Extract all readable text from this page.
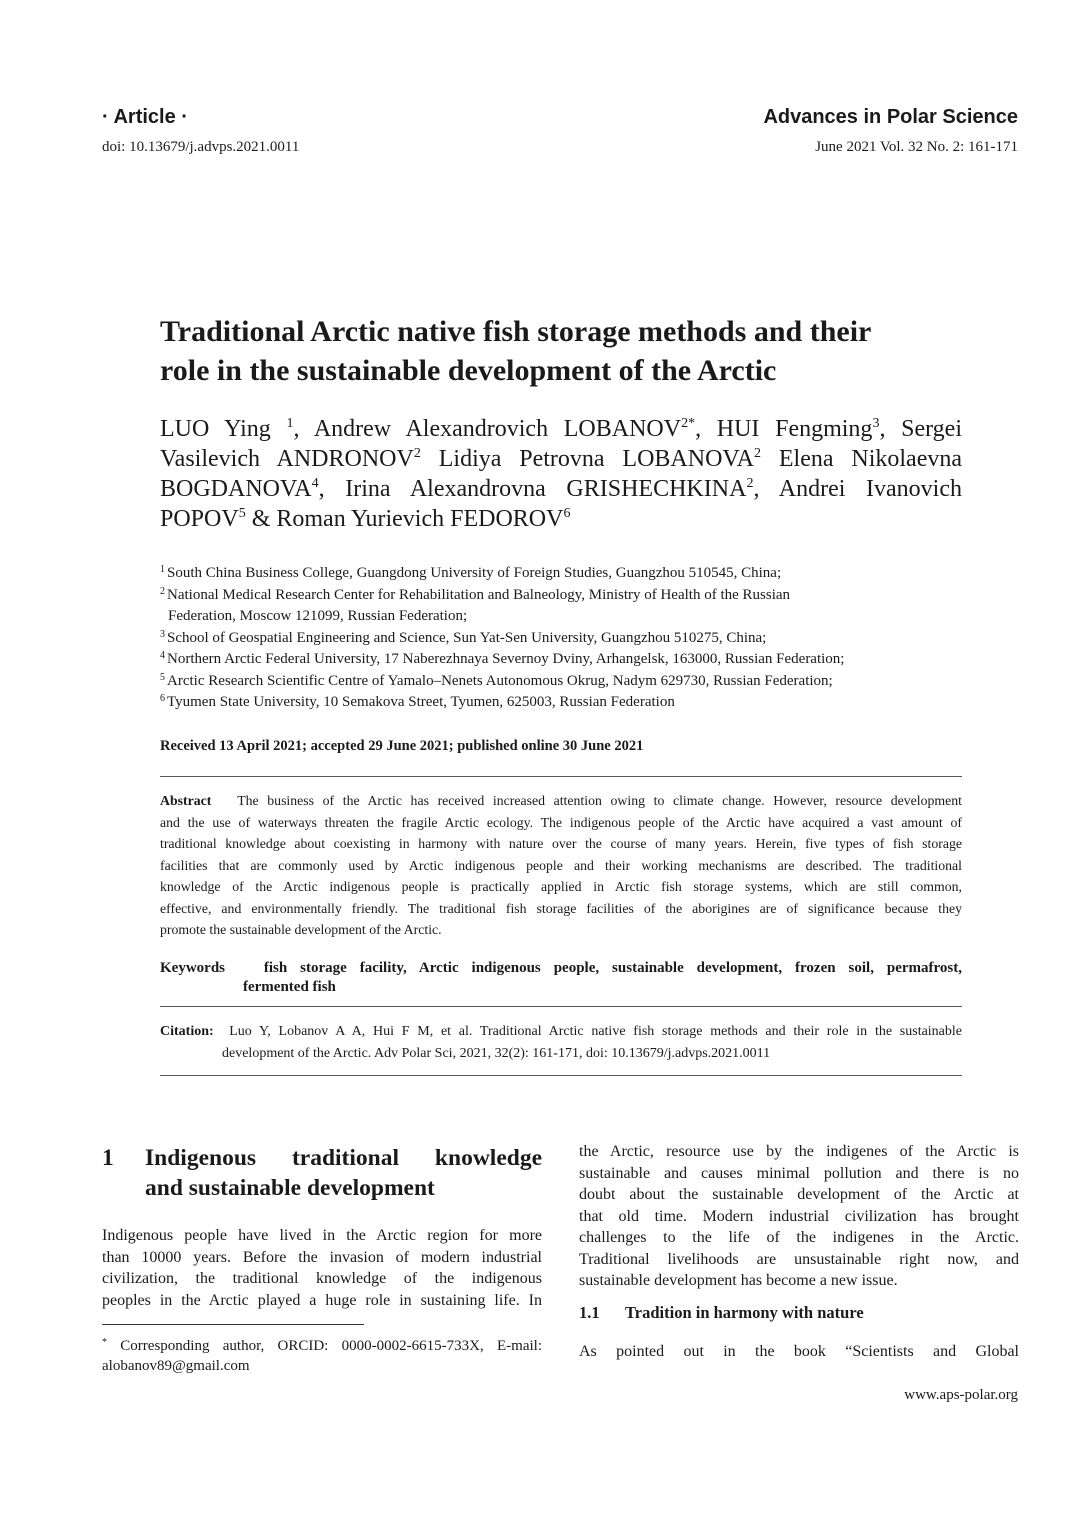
· Article ·	Advances in Polar Science
doi: 10.13679/j.advps.2021.0011	June 2021 Vol. 32 No. 2: 161-171
Traditional Arctic native fish storage methods and their
role in the sustainable development of the Arctic
LUO Ying $^1$, Andrew Alexandrovich $LOBANOV^{2*}$, HUI Fengming$^3$, Sergei
Vasilevich ANDRONOV$^2$ Lidiya Petrovna LOBANOVA$^2$ Elena Nikolaevna
BOGDANOVA$^4$, Irina Alexandrovna GRISHECHKINA$^2$, Andrei Ivanovich
POPOV$^5$ & Roman Yurievich FEDOROV$^6$
$^1$ South China Business College, Guangdong University of Foreign Studies, Guangzhou 510545, China;
$^2$ National Medical Research Center for Rehabilitation and Balneology, Ministry of Health of the Russian
Federation, Moscow 121099, Russian Federation;
$^3$ School of Geospatial Engineering and Science, Sun Yat-Sen University, Guangzhou 510275, China;
$^4$ Northern Arctic Federal University, 17 Naberezhnaya Severnoy Dviny, Arhangelsk, 163000, Russian Federation;
$^5$ Arctic Research Scientific Centre of Yamalo–Nenets Autonomous Okrug, Nadym 629730, Russian Federation;
$^6$ Tyumen State University, 10 Semakova Street, Tyumen, 625003, Russian Federation
Received 13 April 2021; accepted 29 June 2021; published online 30 June 2021
Abstract The business of the Arctic has received increased attention owing to climate change. However, resource development
and the use of waterways threaten the fragile Arctic ecology. The indigenous people of the Arctic have acquired a vast amount of
traditional knowledge about coexisting in harmony with nature over the course of many years. Herein, five types of fish storage
facilities that are commonly used by Arctic indigenous people and their working mechanisms are described. The traditional
knowledge of the Arctic indigenous people is practically applied in Arctic fish storage systems, which are still common,
effective, and environmentally friendly. The traditional fish storage facilities of the aborigines are of significance because they
promote the sustainable development of the Arctic.
Keywords	fish storage facility, Arctic indigenous people, sustainable development, frozen soil, permafrost,
fermented fish
Citation: Luo Y, Lobanov A A, Hui F M, et al. Traditional Arctic native fish storage methods and their role in the sustainable
development of the Arctic. Adv Polar Sci, 2021, 32(2): 161-171, doi: 10.13679/j.advps.2021.0011
1	Indigenous traditional knowledge
and sustainable development
Indigenous people have lived in the Arctic region for more
than 10000 years. Before the invasion of modern industrial
civilization, the traditional knowledge of the indigenous
peoples in the Arctic played a huge role in sustaining life. In
* Corresponding author, ORCID: 0000-0002-6615-733X, E-mail:
alobanov89@gmail.com
the Arctic, resource use by the indigenes of the Arctic is
sustainable and causes minimal pollution and there is no
doubt about the sustainable development of the Arctic at
that old time. Modern industrial civilization has brought
challenges to the life of the indigenes in the Arctic.
Traditional livelihoods are unsustainable right now, and
sustainable development has become a new issue.
1.1 Tradition in harmony with nature
As pointed out in the book “Scientists and Global
www.aps-polar.org
